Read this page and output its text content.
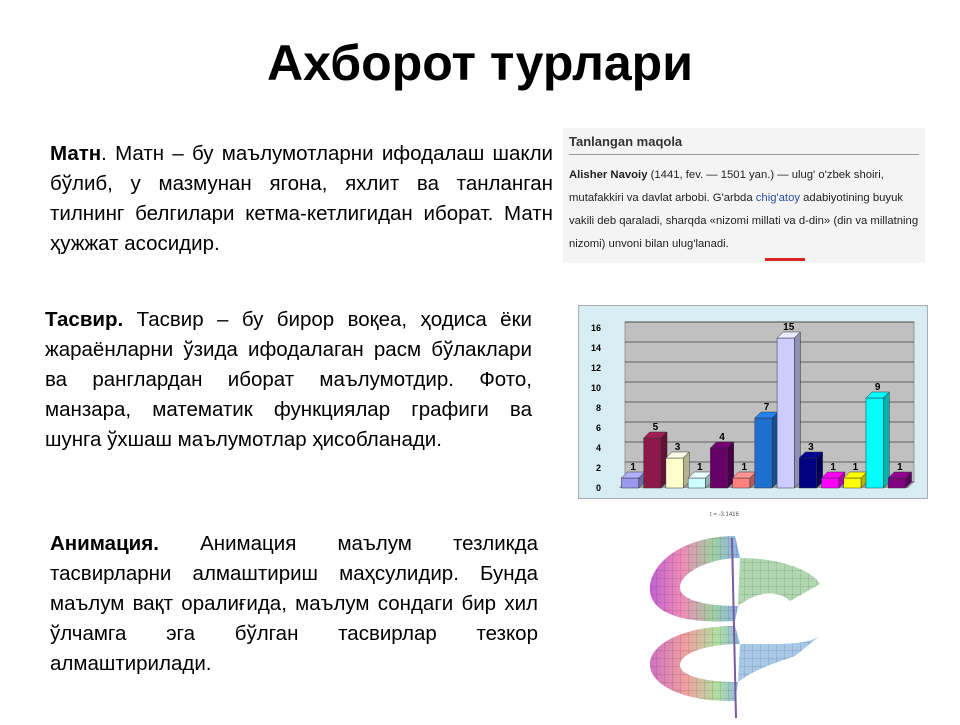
Ахборот турлари
Матн. Матн – бу маълумотларни ифодалаш шакли бўлиб, у мазмунан ягона, яхлит ва танланган тилнинг белгилари кетма-кетлигидан иборат. Матн ҳужжат асосидир.
Тасвир. Тасвир – бу бирор воқеа, ҳодиса ёки жараёнларни ўзида ифодалаган расм бўлаклари ва ранглардан иборат маълумотдир. Фото, манзара, математик функциялар графиги ва шунга ўхшаш маълумотлар ҳисобланади.
Анимация. Анимация маълум тезликда тасвирларни алмаштириш маҳсулидир. Бунда маълум вақт оралиғида, маълум сондаги бир хил ўлчамга эга бўлган тасвирлар тезкор алмаштирилади.
Tanlangan maqola
Alisher Navoiy (1441, fev. — 1501 yan.) — ulug' o'zbek shoiri, mutafakkiri va davlat arbobi. G'arbda chig'atoy adabiyotining buyuk vakili deb qaraladi, sharqda «nizomi millati va d-din» (din va millatning nizomi) unvoni bilan ulug'lanadi.
0
2
4
6
8
10
12
14
16
1
5
3
1
4
1
7
15
3
1 1
9
1
t = -3.1416
